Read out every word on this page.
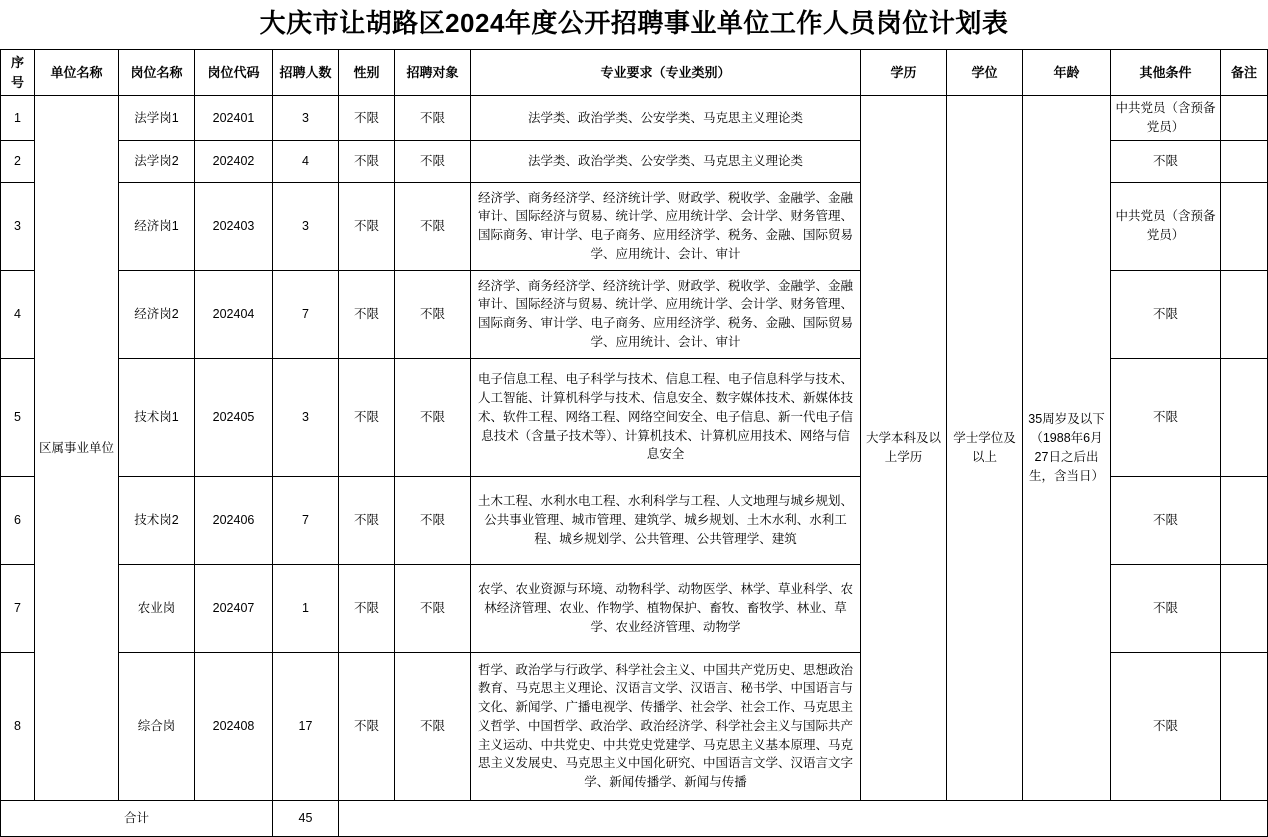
大庆市让胡路区2024年度公开招聘事业单位工作人员岗位计划表
序号	单位名称	岗位名称	岗位代码	招聘人数	性别	招聘对象	专业要求（专业类别）	学历	学位	年龄	其他条件	备注
1	区属事业单位	法学岗1	202401	3	不限	不限	法学类、政治学类、公安学类、马克思主义理论类	大学本科及以上学历	学士学位及以上	35周岁及以下（1988年6月27日之后出生，含当日）	中共党员（含预备党员）	
2		法学岗2	202402	4	不限	不限	法学类、政治学类、公安学类、马克思主义理论类				不限	
3		经济岗1	202403	3	不限	不限	经济学、商务经济学、经济统计学、财政学、税收学、金融学、金融审计、国际经济与贸易、统计学、应用统计学、会计学、财务管理、国际商务、审计学、电子商务、应用经济学、税务、金融、国际贸易学、应用统计、会计、审计				中共党员（含预备党员）	
4		经济岗2	202404	7	不限	不限	经济学、商务经济学、经济统计学、财政学、税收学、金融学、金融审计、国际经济与贸易、统计学、应用统计学、会计学、财务管理、国际商务、审计学、电子商务、应用经济学、税务、金融、国际贸易学、应用统计、会计、审计				不限	
5		技术岗1	202405	3	不限	不限	电子信息工程、电子科学与技术、信息工程、电子信息科学与技术、人工智能、计算机科学与技术、信息安全、数字媒体技术、新媒体技术、软件工程、网络工程、网络空间安全、电子信息、新一代电子信息技术（含量子技术等）、计算机技术、计算机应用技术、网络与信息安全				不限	
6		技术岗2	202406	7	不限	不限	土木工程、水利水电工程、水利科学与工程、人文地理与城乡规划、公共事业管理、城市管理、建筑学、城乡规划、土木水利、水利工程、城乡规划学、公共管理、公共管理学、建筑				不限	
7		农业岗	202407	1	不限	不限	农学、农业资源与环境、动物科学、动物医学、林学、草业科学、农林经济管理、农业、作物学、植物保护、畜牧、畜牧学、林业、草学、农业经济管理、动物学				不限	
8		综合岗	202408	17	不限	不限	哲学、政治学与行政学、科学社会主义、中国共产党历史、思想政治教育、马克思主义理论、汉语言文学、汉语言、秘书学、中国语言与文化、新闻学、广播电视学、传播学、社会学、社会工作、马克思主义哲学、中国哲学、政治学、政治经济学、科学社会主义与国际共产主义运动、中共党史、中共党史党建学、马克思主义基本原理、马克思主义发展史、马克思主义中国化研究、中国语言文学、汉语言文字学、新闻传播学、新闻与传播				不限	
合计				45								
